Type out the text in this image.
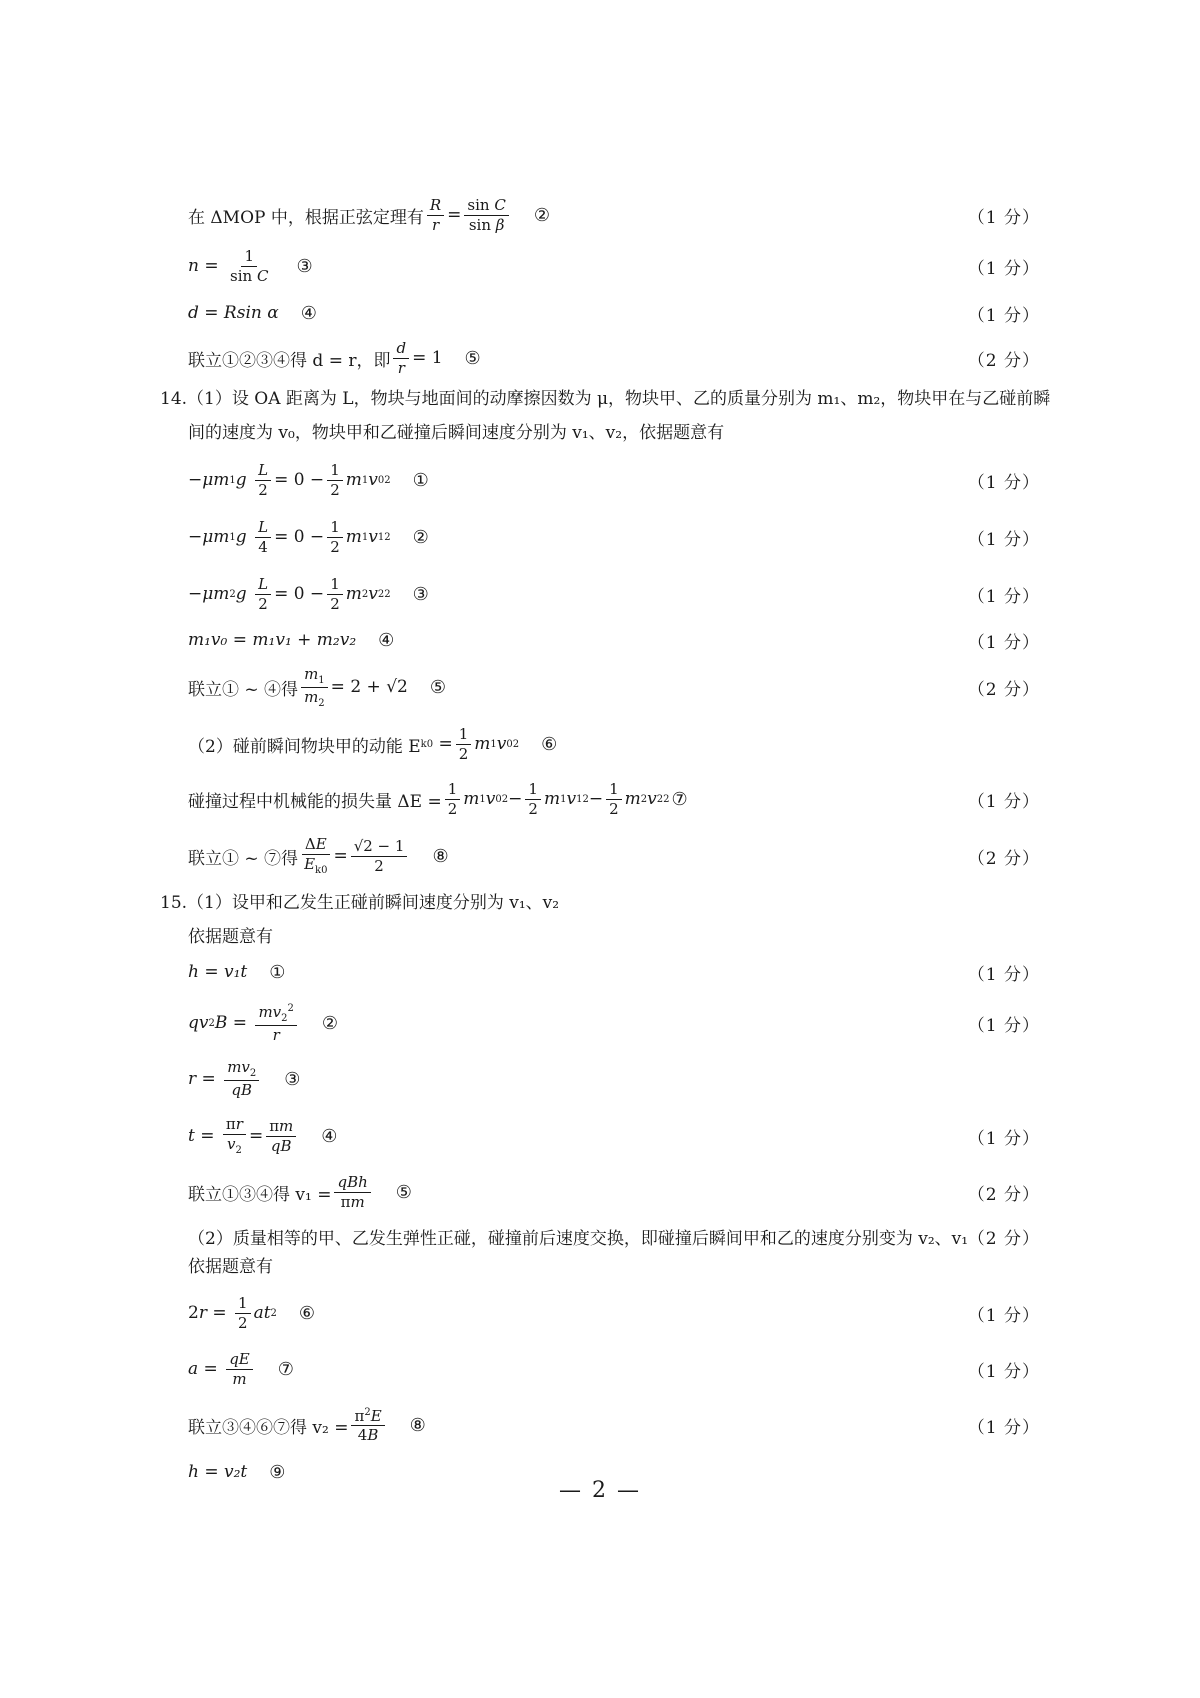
在 ΔMOP 中，根据正弦定理有 $\frac{R}{r} = \frac{\text{sin C}}{\text{sin β}}$ ②	（1 分）
$n = \frac{1}{\text{sin C}}$ ③	（1 分）
d = Rsin α ④	（1 分）
联立①②③④得 d = r，即 $\frac{d}{r} = 1$ ⑤	（2 分）
14.（1）设 OA 距离为 L，物块与地面间的动摩擦因数为 μ，物块甲、乙的质量分别为 m₁、m₂，物块甲在与乙碰前瞬
间的速度为 v₀，物块甲和乙碰撞后瞬间速度分别为 v₁、v₂，依据题意有
− μm 1 g
$\frac{L}{2} = 0 - \frac{1}{2}$ m 1 v 0 2 ①	（1 分）
− μm 1 g
$\frac{L}{4} = 0 - \frac{1}{2}$ m 1 v 1 2 ②	（1 分）
− μm 2 g
$\frac{L}{2} = 0 - \frac{1}{2}$ m 2 v 2 2 ③	（1 分）
m₁v₀ = m₁v₁ + m₂v₂ ④	（1 分）
联立① ~ ④得 $\frac{m_1}{m_2} = 2 + √2$ ⑤	（2 分）
（2）碰前瞬间物块甲的动能 E $k0 = \frac{1}{2}$ m 1 v 0 2 ⑥
碰撞过程中机械能的损失量 $\Delta E = \frac{1}{2}$ m 1 v 0 $2 - \frac{1}{2}$ m 1 v 1 $2 - \frac{1}{2}$ m 2 v 2 2 ⑦	（1 分）
联立① ~ ⑦得 $\frac{\Delta E}{E_{k0}} = \frac{√2 - 1}{2}$ ⑧	（2 分）
15.（1）设甲和乙发生正碰前瞬间速度分别为 v₁、v₂
依据题意有
h = v₁t ①	（1 分）
qv 2 $B = \frac{mv_2^2}{r}$ ②	（1 分）
$r = \frac{mv_2}{qB}$ ③
$t = \frac{\pi r}{v_2} = \frac{\pi m}{qB}$ ④	（1 分）
联立①③④得 $v_1 = \frac{\text{qBh}}{\pi m}$ ⑤	（2 分）
（2）质量相等的甲、乙发生弹性正碰，碰撞前后速度交换，即碰撞后瞬间甲和乙的速度分别变为 v₂、v₁ （2 分）
依据题意有
2 $r = \frac{1}{2}$ at 2 ⑥	（1 分）
$a = \frac{qE}{m}$ ⑦	（1 分）
联立③④⑥⑦得 $v_2 = \frac{\pi^2E}{4B}$ ⑧	（1 分）
h = v₂t ⑨
— 2 —
